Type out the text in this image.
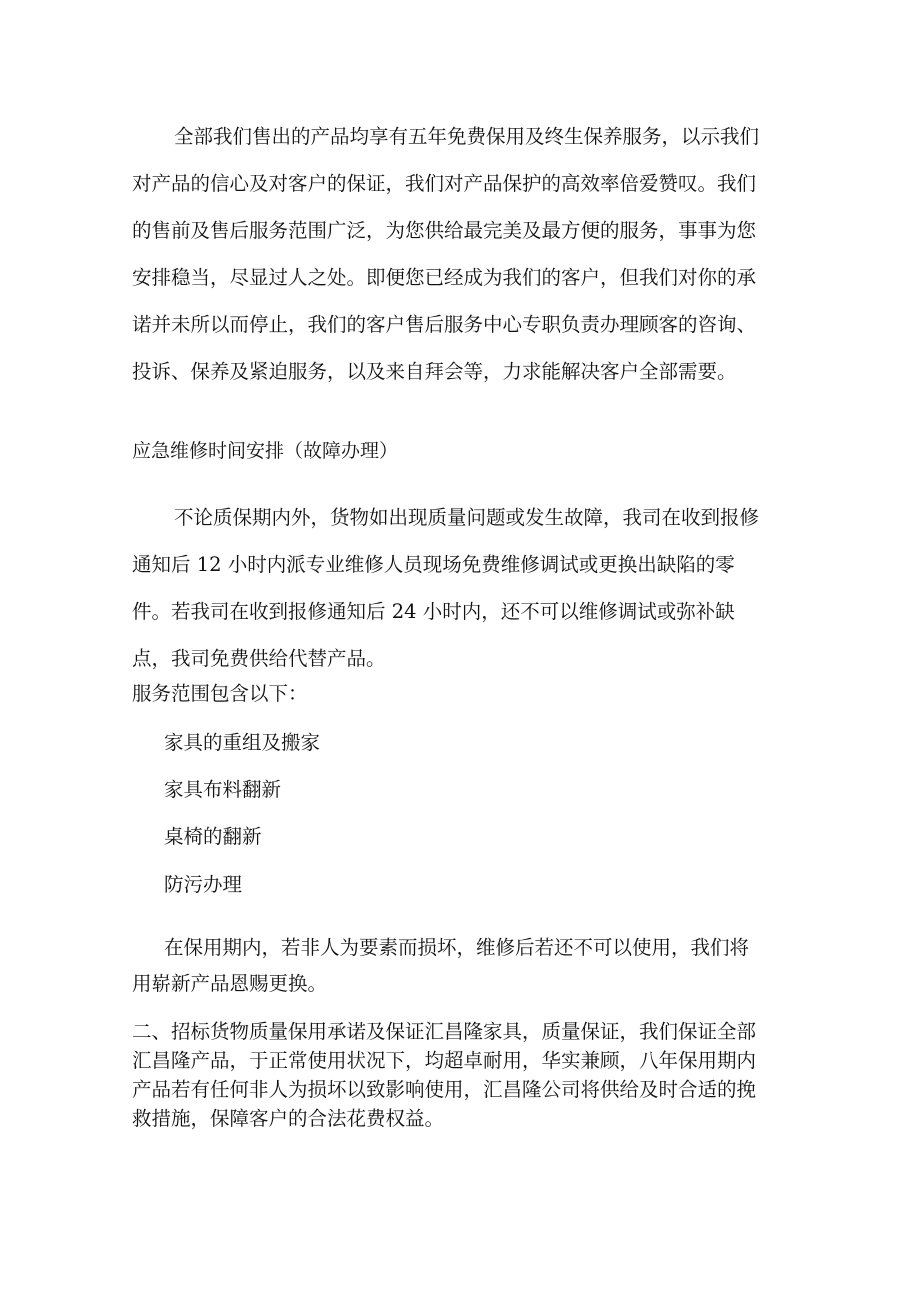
全部我们售出的产品均享有五年免费保用及终生保养服务，以示我们
对产品的信心及对客户的保证，我们对产品保护的高效率倍爱赞叹。我们
的售前及售后服务范围广泛，为您供给最完美及最方便的服务，事事为您
安排稳当，尽显过人之处。即便您已经成为我们的客户，但我们对你的承
诺并未所以而停止，我们的客户售后服务中心专职负责办理顾客的咨询、
投诉、保养及紧迫服务，以及来自拜会等，力求能解决客户全部需要。

应急维修时间安排（故障办理）

不论质保期内外，货物如出现质量问题或发生故障，我司在收到报修
通知后 12 小时内派专业维修人员现场免费维修调试或更换出缺陷的零
件。若我司在收到报修通知后 24 小时内，还不可以维修调试或弥补缺
点，我司免费供给代替产品。

服务范围包含以下：

家具的重组及搬家
家具布料翻新
桌椅的翻新
防污办理

在保用期内，若非人为要素而损坏，维修后若还不可以使用，我们将
用崭新产品恩赐更换。

二、招标货物质量保用承诺及保证汇昌隆家具，质量保证，我们保证全部
汇昌隆产品，于正常使用状况下，均超卓耐用，华实兼顾，八年保用期内
产品若有任何非人为损坏以致影响使用，汇昌隆公司将供给及时合适的挽
救措施，保障客户的合法花费权益。
